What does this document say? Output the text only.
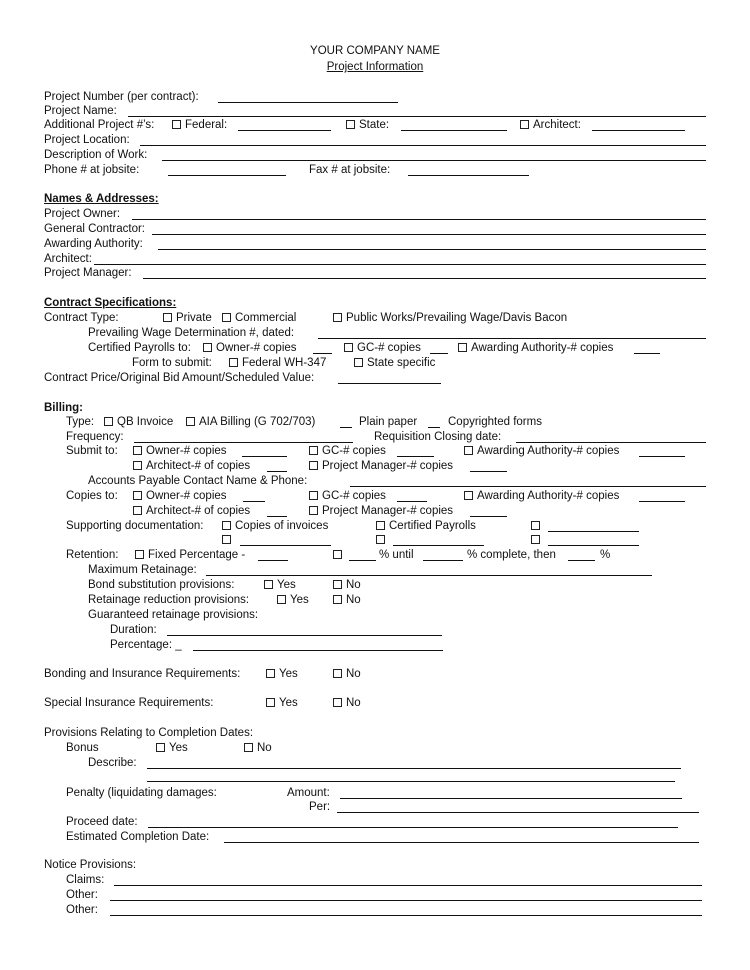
YOUR COMPANY NAME
Project Information
Project Number (per contract):
Project Name:
Additional Project #’s:	Federal:	State:	Architect:
Project Location:
Description of Work:
Phone # at jobsite:	Fax # at jobsite:
Names & Addresses:
Project Owner:
General Contractor:
Awarding Authority:
Architect:
Project Manager:
Contract Specifications:
Contract Type:	Private	Commercial	Public Works/Prevailing Wage/Davis Bacon
Prevailing Wage Determination #, dated:
Certified Payrolls to:	Owner-# copies	GC-# copies	Awarding Authority-# copies
Form to submit:	Federal WH-347	State specific
Contract Price/Original Bid Amount/Scheduled Value:
Billing:
Type:	QB Invoice	AIA Billing (G 702/703)	Plain paper	Copyrighted forms
Frequency:	Requisition Closing date:
Submit to:	Owner-# copies	GC-# copies	Awarding Authority-# copies
Architect-# of copies	Project Manager-# copies
Accounts Payable Contact Name & Phone:
Copies to:	Owner-# copies	GC-# copies	Awarding Authority-# copies
Architect-# of copies	Project Manager-# copies
Supporting documentation:	Copies of invoices	Certified Payrolls
Retention:	Fixed Percentage -	% until	% complete, then	%
Maximum Retainage:
Bond substitution provisions:	Yes	No
Retainage reduction provisions:	Yes	No
Guaranteed retainage provisions:
Duration:
Percentage: _
Bonding and Insurance Requirements:	Yes	No
Special Insurance Requirements:	Yes	No
Provisions Relating to Completion Dates:
Bonus	Yes	No
Describe:
Penalty (liquidating damages:	Amount:
Per:
Proceed date:
Estimated Completion Date:
Notice Provisions:
Claims:
Other:
Other:
